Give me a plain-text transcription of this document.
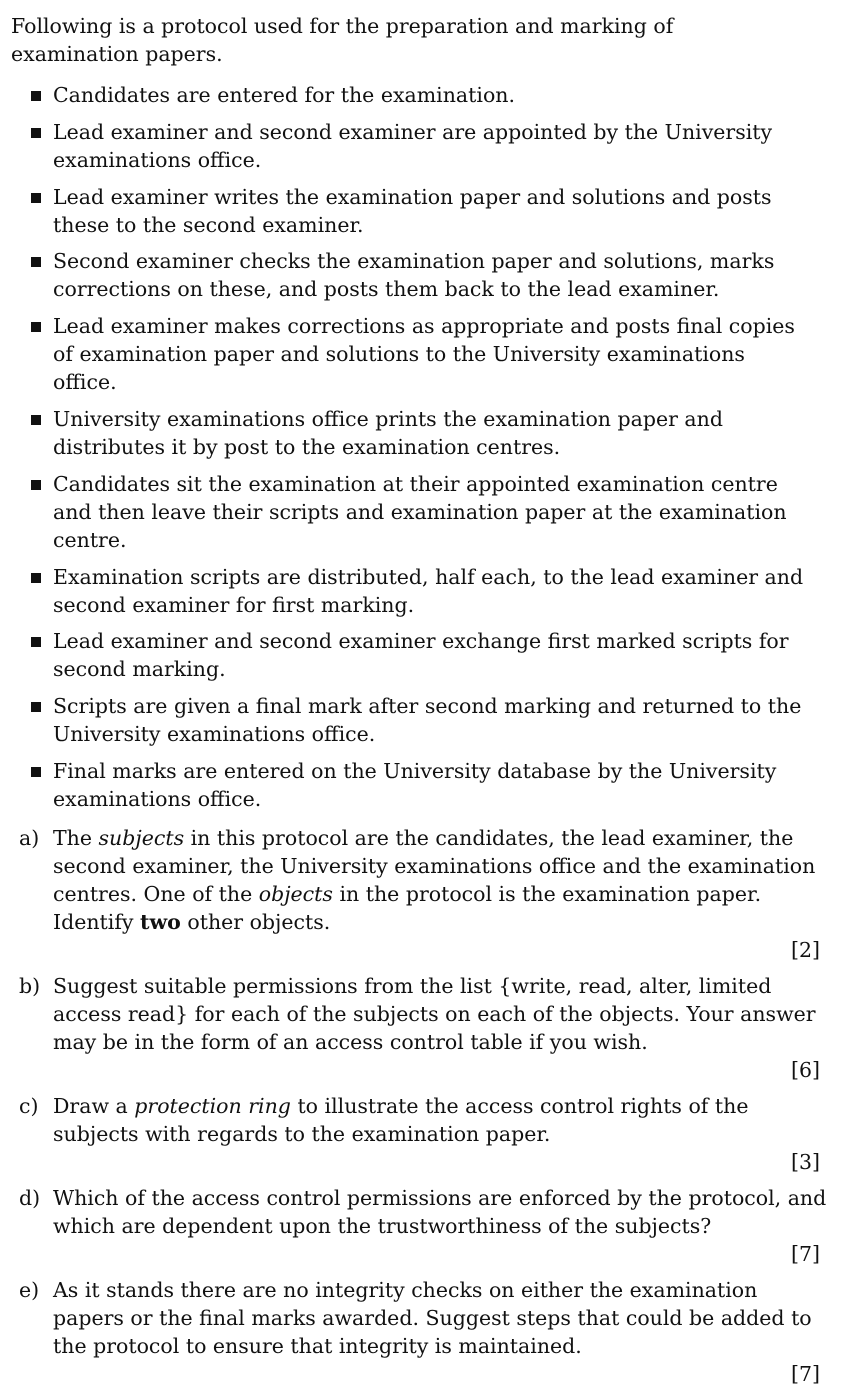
Following is a protocol used for the preparation and marking of examination papers.

Candidates are entered for the examination.
Lead examiner and second examiner are appointed by the University examinations office.
Lead examiner writes the examination paper and solutions and posts these to the second examiner.
Second examiner checks the examination paper and solutions, marks corrections on these, and posts them back to the lead examiner.
Lead examiner makes corrections as appropriate and posts final copies of examination paper and solutions to the University examinations office.
University examinations office prints the examination paper and distributes it by post to the examination centres.
Candidates sit the examination at their appointed examination centre and then leave their scripts and examination paper at the examination centre.
Examination scripts are distributed, half each, to the lead examiner and second examiner for first marking.
Lead examiner and second examiner exchange first marked scripts for second marking.
Scripts are given a final mark after second marking and returned to the University examinations office.
Final marks are entered on the University database by the University examinations office.
a) The subjects in this protocol are the candidates, the lead examiner, the second examiner, the University examinations office and the examination centres. One of the objects in the protocol is the examination paper. Identify two other objects.
[2]
b) Suggest suitable permissions from the list {write, read, alter, limited access read} for each of the subjects on each of the objects. Your answer may be in the form of an access control table if you wish.
[6]
c) Draw a protection ring to illustrate the access control rights of the subjects with regards to the examination paper.
[3]
d) Which of the access control permissions are enforced by the protocol, and which are dependent upon the trustworthiness of the subjects?
[7]
e) As it stands there are no integrity checks on either the examination papers or the final marks awarded. Suggest steps that could be added to the protocol to ensure that integrity is maintained.
[7]
